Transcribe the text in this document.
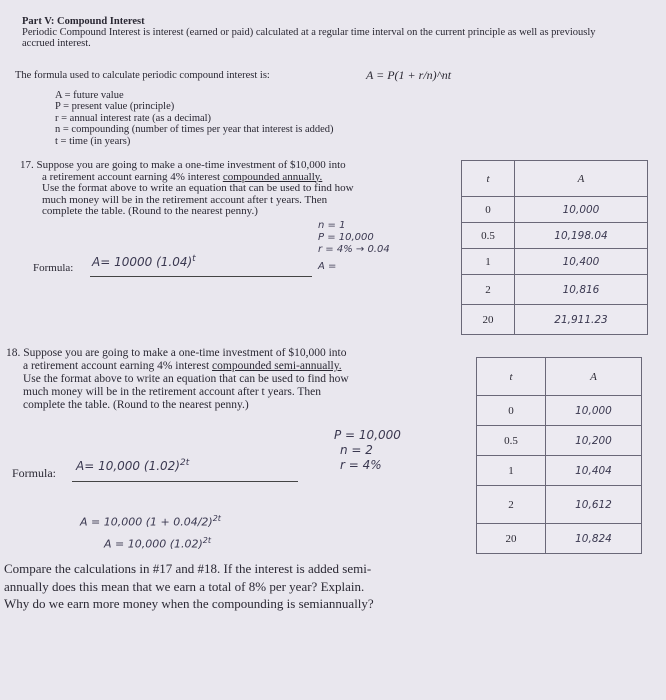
Part V: Compound Interest
Periodic Compound Interest is interest (earned or paid) calculated at a regular time interval on the current principle as well as previously accrued interest.
The formula used to calculate periodic compound interest is:	A = P(1 + r/n)^nt
A = future value
P = present value (principle)
r = annual interest rate (as a decimal)
n = compounding (number of times per year that interest is added)
t = time (in years)
17. Suppose you are going to make a one-time investment of $10,000 into
a retirement account earning 4% interest compounded annually.
Use the format above to write an equation that can be used to find how
much money will be in the retirement account after t years. Then
complete the table. (Round to the nearest penny.)
n = 1
P = 10,000
r = 4% → 0.04
A =
Formula: A= 10000 $(1.04)^t$
t	A
0	10,000
0.5	10,198.04
1	10,400
2	10,816
20	21,911.23
18. Suppose you are going to make a one-time investment of $10,000 into
a retirement account earning 4% interest compounded semi-annually.
Use the format above to write an equation that can be used to find how
much money will be in the retirement account after t years. Then
complete the table. (Round to the nearest penny.)
P = 10,000
n = 2
r = 4%
Formula: A= 10,000 $(1.02)^{2t}$
A = 10,000 $(1 + 0.04/2)^{2t}$
A = 10,000 $(1.02)^{2t}$
t	A
0	10,000
0.5	10,200
1	10,404
2	10,612
20	10,824
Compare the calculations in #17 and #18. If the interest is added semi-
annually does this mean that we earn a total of 8% per year? Explain.
Why do we earn more money when the compounding is semiannually?
